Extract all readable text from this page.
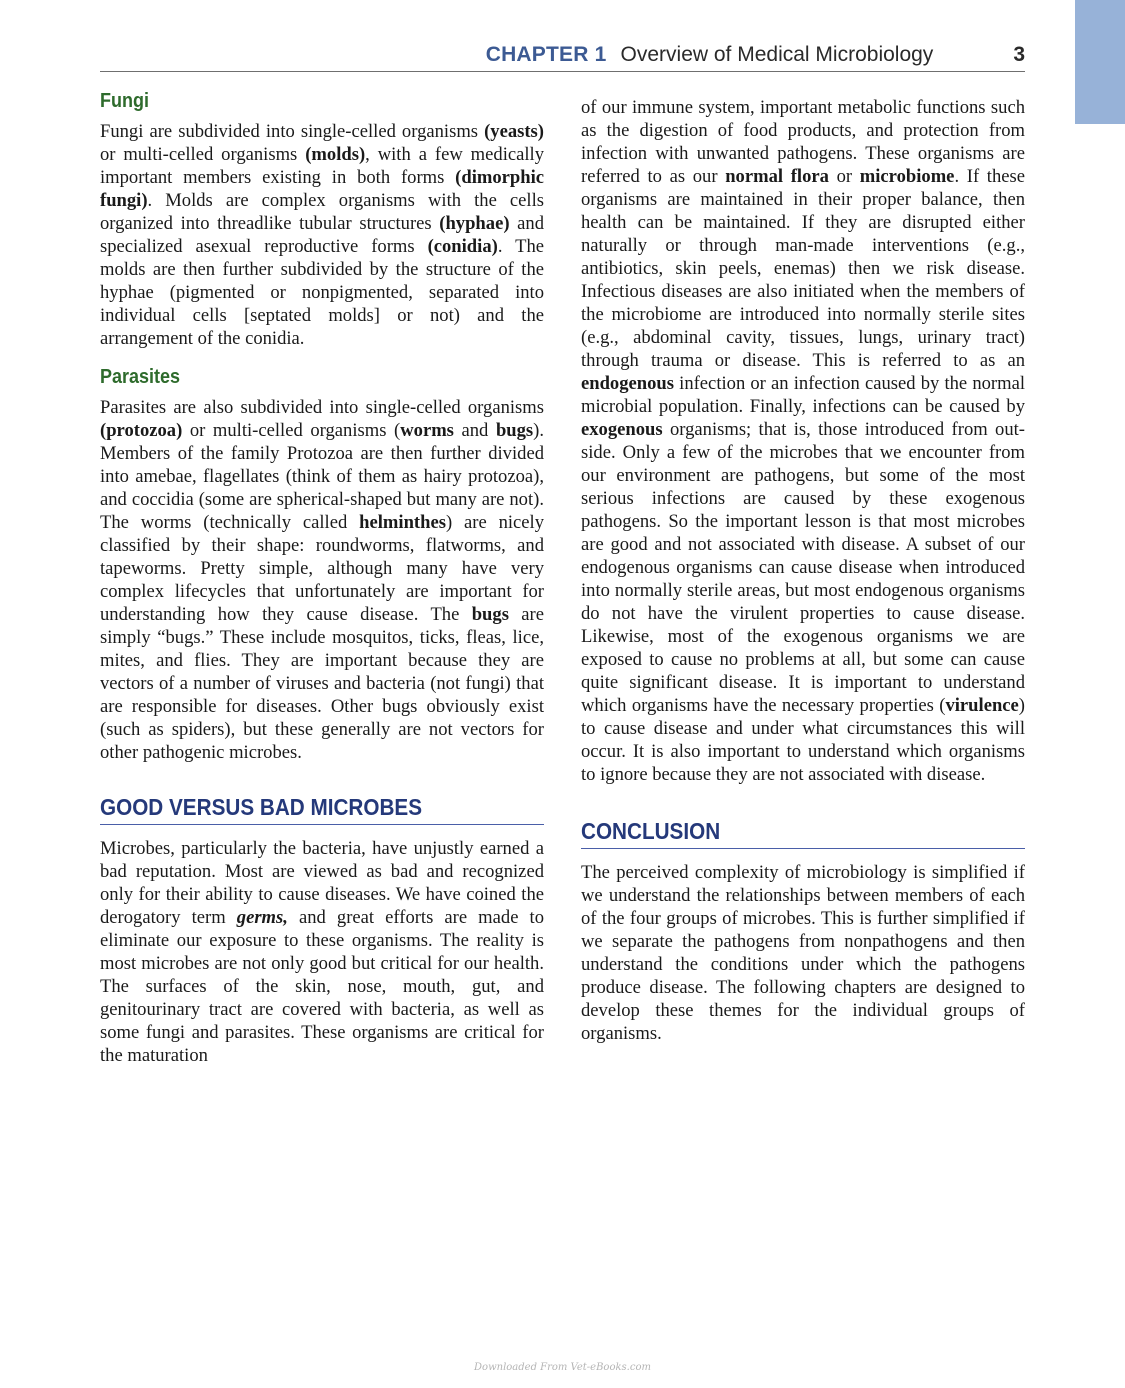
CHAPTER 1 Overview of Medical Microbiology	3
Fungi

Fungi are subdivided into single-celled organisms (yeasts) or multi-celled organisms (molds), with a few medically important members existing in both forms (dimorphic fungi). Molds are complex organisms with the cells organized into threadlike tubular structures (hyphae) and specialized asexual reproductive forms (conidia). The molds are then further subdivided by the structure of the hyphae (pigmented or nonpigmented, separated into individual cells [septated molds] or not) and the arrangement of the conidia.

Parasites

Parasites are also subdivided into single-celled organisms (protozoa) or multi-celled organisms (worms and bugs). Members of the family Protozoa are then further divided into amebae, flagellates (think of them as hairy protozoa), and coccidia (some are spherical-shaped but many are not). The worms (technically called helminthes) are nicely classified by their shape: roundworms, flatworms, and tapeworms. Pretty simple, although many have very complex lifecycles that unfortunately are important for understanding how they cause disease. The bugs are simply “bugs.” These include mosquitos, ticks, fleas, lice, mites, and flies. They are important because they are vectors of a number of viruses and bacteria (not fungi) that are responsible for diseases. Other bugs obviously exist (such as spiders), but these generally are not vectors for other pathogenic microbes.

GOOD VERSUS BAD MICROBES

Microbes, particularly the bacteria, have unjustly earned a bad reputation. Most are viewed as bad and recognized only for their ability to cause diseases. We have coined the derogatory term germs, and great efforts are made to eliminate our exposure to these organisms. The reality is most microbes are not only good but critical for our health. The surfaces of the skin, nose, mouth, gut, and genitourinary tract are covered with bacteria, as well as some fungi and parasites. These organisms are critical for the maturation

of our immune system, important metabolic functions such as the digestion of food products, and protection from infection with unwanted pathogens. These organisms are referred to as our normal flora or microbiome. If these organisms are maintained in their proper balance, then health can be maintained. If they are disrupted either naturally or through man-made interventions (e.g., antibiotics, skin peels, enemas) then we risk disease. Infectious diseases are also initiated when the members of the microbiome are introduced into normally sterile sites (e.g., abdominal cavity, tissues, lungs, urinary tract) through trauma or disease. This is referred to as an endogenous infection or an infection caused by the normal microbial population. Finally, infections can be caused by exogenous organisms; that is, those introduced from outside. Only a few of the microbes that we encounter from our environment are pathogens, but some of the most serious infections are caused by these exogenous pathogens. So the important lesson is that most microbes are good and not associated with disease. A subset of our endogenous organisms can cause disease when introduced into normally sterile areas, but most endogenous organisms do not have the virulent properties to cause disease. Likewise, most of the exogenous organisms we are exposed to cause no problems at all, but some can cause quite significant disease. It is important to understand which organisms have the necessary properties (virulence) to cause disease and under what circumstances this will occur. It is also important to understand which organisms to ignore because they are not associated with disease.

CONCLUSION

The perceived complexity of microbiology is simplified if we understand the relationships between members of each of the four groups of microbes. This is further simplified if we separate the pathogens from nonpathogens and then understand the conditions under which the pathogens produce disease. The following chapters are designed to develop these themes for the individual groups of organisms.

Downloaded From Vet-eBooks.com
